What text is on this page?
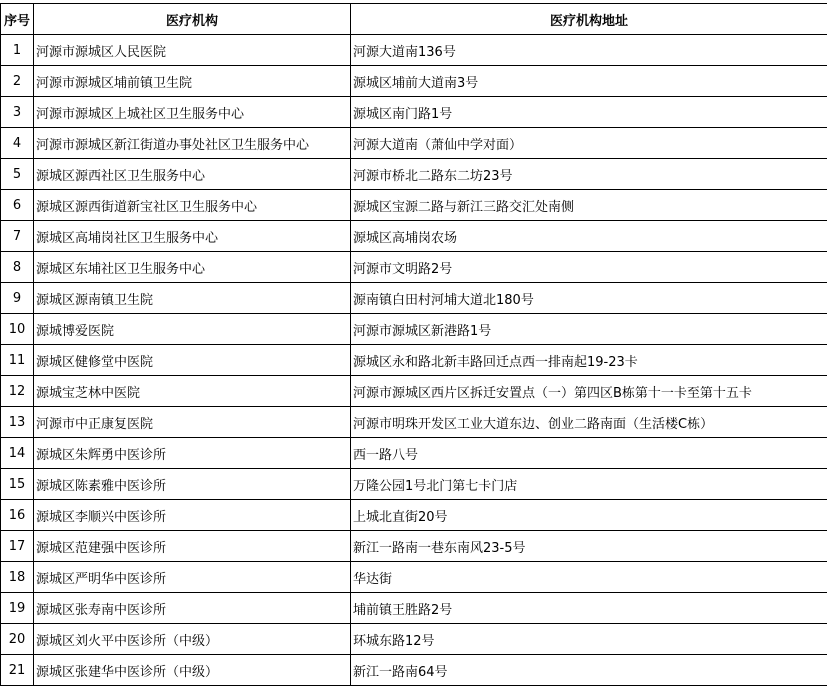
序号	医疗机构	医疗机构地址
1	河源市源城区人民医院	河源大道南136号
2	河源市源城区埔前镇卫生院	源城区埔前大道南3号
3	河源市源城区上城社区卫生服务中心	源城区南门路1号
4	河源市源城区新江街道办事处社区卫生服务中心	河源大道南（萧仙中学对面）
5	源城区源西社区卫生服务中心	河源市桥北二路东二坊23号
6	源城区源西街道新宝社区卫生服务中心	源城区宝源二路与新江三路交汇处南侧
7	源城区高埔岗社区卫生服务中心	源城区高埔岗农场
8	源城区东埔社区卫生服务中心	河源市文明路2号
9	源城区源南镇卫生院	源南镇白田村河埔大道北180号
10	源城博爱医院	河源市源城区新港路1号
11	源城区健修堂中医院	源城区永和路北新丰路回迁点西一排南起19-23卡
12	源城宝芝林中医院	河源市源城区西片区拆迁安置点（一）第四区B栋第十一卡至第十五卡
13	河源市中正康复医院	河源市明珠开发区工业大道东边、创业二路南面（生活楼C栋）
14	源城区朱辉勇中医诊所	西一路八号
15	源城区陈素雅中医诊所	万隆公园1号北门第七卡门店
16	源城区李顺兴中医诊所	上城北直街20号
17	源城区范建强中医诊所	新江一路南一巷东南风23-5号
18	源城区严明华中医诊所	华达街
19	源城区张寿南中医诊所	埔前镇王胜路2号
20	源城区刘火平中医诊所（中级）	环城东路12号
21	源城区张建华中医诊所（中级）	新江一路南64号
